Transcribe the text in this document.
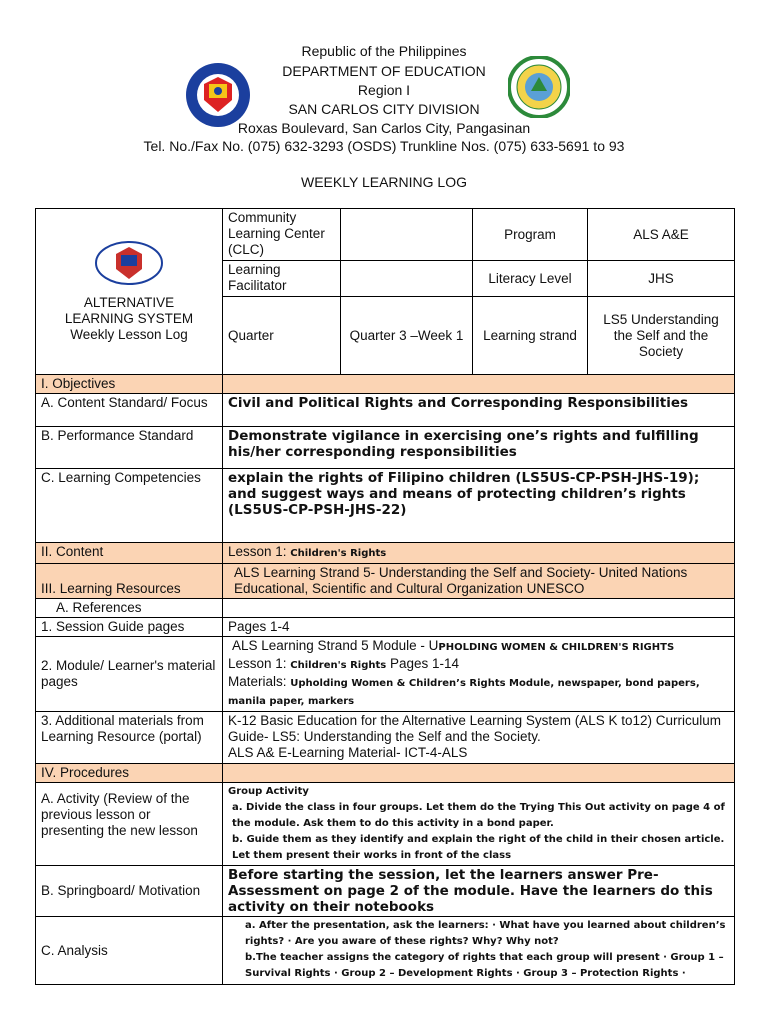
Republic of the Philippines
DEPARTMENT OF EDUCATION
Region I
SAN CARLOS CITY DIVISION
Roxas Boulevard, San Carlos City, Pangasinan
Tel. No./Fax No. (075) 632-3293 (OSDS) Trunkline Nos. (075) 633-5691 to 93
WEEKLY LEARNING LOG
ALTERNATIVE LEARNING SYSTEM Weekly Lesson Log	Community Learning Center (CLC)		Program	ALS A&E
	Learning Facilitator		Literacy Level	JHS
	Quarter	Quarter 3 –Week 1	Learning strand	LS5 Understanding the Self and the Society
I. Objectives				
A. Content Standard/ Focus	Civil and Political Rights and Corresponding Responsibilities			
B. Performance Standard	Demonstrate vigilance in exercising one’s rights and fulfilling his/her corresponding responsibilities			
C. Learning Competencies	explain the rights of Filipino children (LS5US-CP-PSH-JHS-19); and suggest ways and means of protecting children’s rights (LS5US-CP-PSH-JHS-22)			
II. Content	Lesson 1: Children's Rights			
III. Learning Resources	ALS Learning Strand 5- Understanding the Self and Society- United Nations Educational, Scientific and Cultural Organization UNESCO			
A. References				
1. Session Guide pages	Pages 1-4			
2. Module/ Learner's material pages	ALS Learning Strand 5 Module - UPHOLDING WOMEN & CHILDREN'S RIGHTS
Lesson 1: Children's Rights Pages 1-14
Materials: Upholding Women & Children’s Rights Module, newspaper, bond papers, manila paper, markers			

3. Additional materials from Learning Resource (portal)	K-12 Basic Education for the Alternative Learning System (ALS K to12) Curriculum Guide- LS5: Understanding the Self and the Society.
ALS A& E-Learning Material- ICT-4-ALS			

IV. Procedures				
A. Activity (Review of the previous lesson or presenting the new lesson	Group Activity
a. Divide the class in four groups. Let them do the Trying This Out activity on page 4 of the module. Ask them to do this activity in a bond paper.
b. Guide them as they identify and explain the right of the child in their chosen article. Let them present their works in front of the class			

B. Springboard/ Motivation	Before starting the session, let the learners answer Pre-Assessment on page 2 of the module. Have the learners do this activity on their notebooks			
C. Analysis	a. After the presentation, ask the learners: · What have you learned about children’s rights? · Are you aware of these rights? Why? Why not?
b.The teacher assigns the category of rights that each group will present · Group 1 – Survival Rights · Group 2 – Development Rights · Group 3 – Protection Rights ·			
